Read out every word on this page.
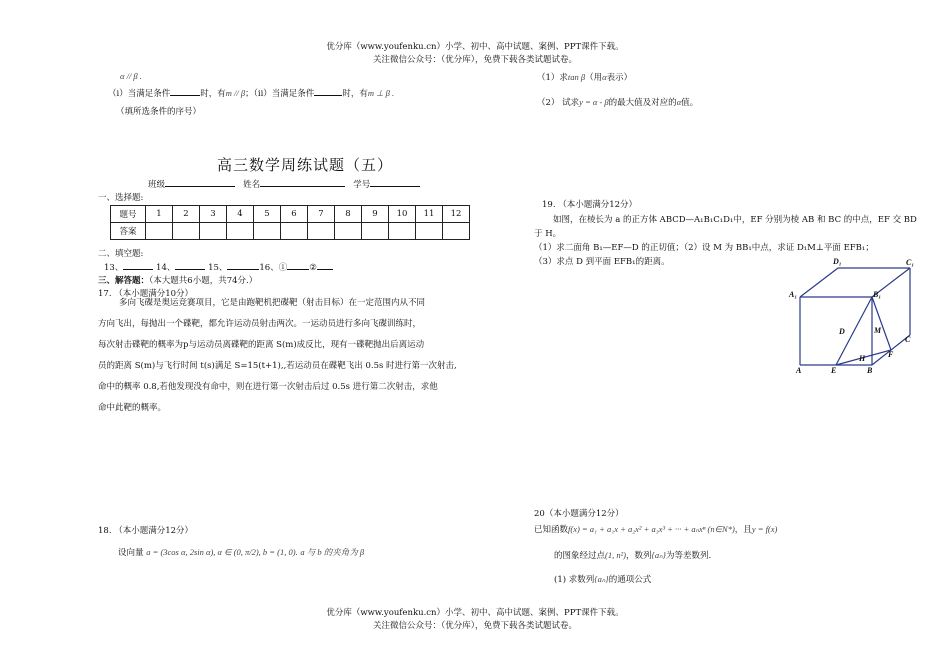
优分库（www.youfenku.cn）小学、初中、高中试题、案例、PPT课件下载。
关注微信公众号：（优分库），免费下载各类试题试卷。
α // β .
（i）当满足条件	时，有m // β；（ii）当满足条件	时，有m ⊥ β .
（填所选条件的序号）
高三数学周练试题（五）
班级	姓名	学号
一、选择题:
题号	1	2	3	4	5	6	7	8	9	10	11	12
答案												
二、填空题:
13、	14、	15、	16、①	②
三、解答题：（本大题共6小题，共74分.）
17. （本小题满分10分）
多向飞碟是奥运竞赛项目，它是由跑靶机把碟靶（射击目标）在一定范围内从不同
方向飞出，每抛出一个碟靶，都允许运动员射击两次。一运动员进行多向飞碟训练时，
每次射击碟靶的概率为p与运动员离碟靶的距离 S(m)成反比，现有一碟靶抛出后离运动
员的距离 S(m)与飞行时间 t(s)满足 S=15(t+1),,若运动员在碟靶飞出 0.5s 时进行第一次射击,
命中的概率 0.8,若他发现没有命中，则在进行第一次射击后过 0.5s 进行第二次射击，求他
命中此靶的概率。
18. （本小题满分12分）
设向量 a = (3cos α, 2sin α), α ∈ (0, π/2), b = (1, 0). a 与 b 的夹角为 β
（1）求tan β（用α表示）
（2） 试求y = α - β的最大值及对应的α值。
19. （本小题满分12分）
如图，在棱长为 a 的正方体 ABCD—A₁B₁C₁D₁中，EF 分别为棱 AB 和 BC 的中点，EF 交 BD
于 H。
（1）求二面角 B₁—EF—D 的正切值；（2）设 M 为 BB₁中点，求证 D₁M⊥平面 EFB₁；
（3）求点 D 到平面 EFB₁的距离。	D₁	C₁
A₁	B₁
D	M
F
C
H
A	E	B
20（本小题满分12分）
已知函数f(x) = a₁ + a₁x + a₂x² + a₃x³ + ··· + aₙxⁿ (n∈N*)，且y = f(x)
的图象经过点(1, n²)，数列{aₙ}为等差数列.
(1) 求数列{aₙ}的通项公式
优分库（www.youfenku.cn）小学、初中、高中试题、案例、PPT课件下载。
关注微信公众号：（优分库），免费下载各类试题试卷。
